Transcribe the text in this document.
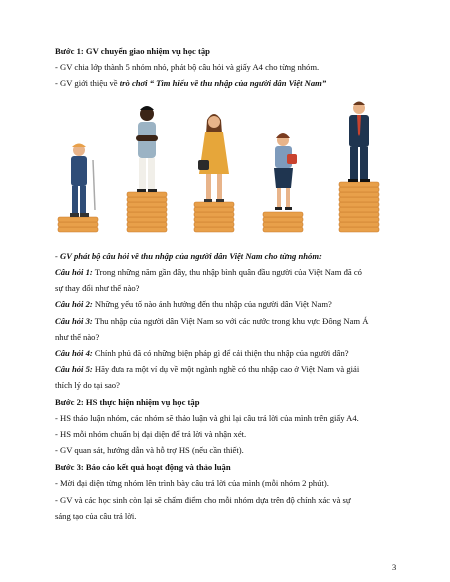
Bước 1: GV chuyển giao nhiệm vụ học tập
- GV chia lớp thành 5 nhóm nhỏ, phát bộ câu hỏi và giấy A4 cho từng nhóm.
- GV giới thiệu về trò chơi “ Tìm hiểu về thu nhập của người dân Việt Nam”
- GV phát bộ câu hỏi về thu nhập của người dân Việt Nam cho từng nhóm:
Câu hỏi 1: Trong những năm gần đây, thu nhập bình quân đầu người của Việt Nam đã có
sự thay đổi như thế nào?
Câu hỏi 2: Những yếu tố nào ảnh hưởng đến thu nhập của người dân Việt Nam?
Câu hỏi 3: Thu nhập của người dân Việt Nam so với các nước trong khu vực Đông Nam Á
như thế nào?
Câu hỏi 4: Chính phủ đã có những biện pháp gì để cải thiện thu nhập của người dân?
Câu hỏi 5: Hãy đưa ra một ví dụ về một ngành nghề có thu nhập cao ở Việt Nam và giải
thích lý do tại sao?
Bước 2: HS thực hiện nhiệm vụ học tập
- HS thảo luận nhóm, các nhóm sẽ thảo luận và ghi lại câu trả lời của mình trên giấy A4.
- HS mỗi nhóm chuẩn bị đại diện để trả lời và nhận xét.
- GV quan sát, hướng dẫn và hỗ trợ HS (nếu cần thiết).
Bước 3: Báo cáo kết quả hoạt động và thảo luận
- Mời đại diện từng nhóm lên trình bày câu trả lời của mình (mỗi nhóm 2 phút).
- GV và các học sinh còn lại sẽ chấm điểm cho mỗi nhóm dựa trên độ chính xác và sự
sáng tạo của câu trả lời.
3
